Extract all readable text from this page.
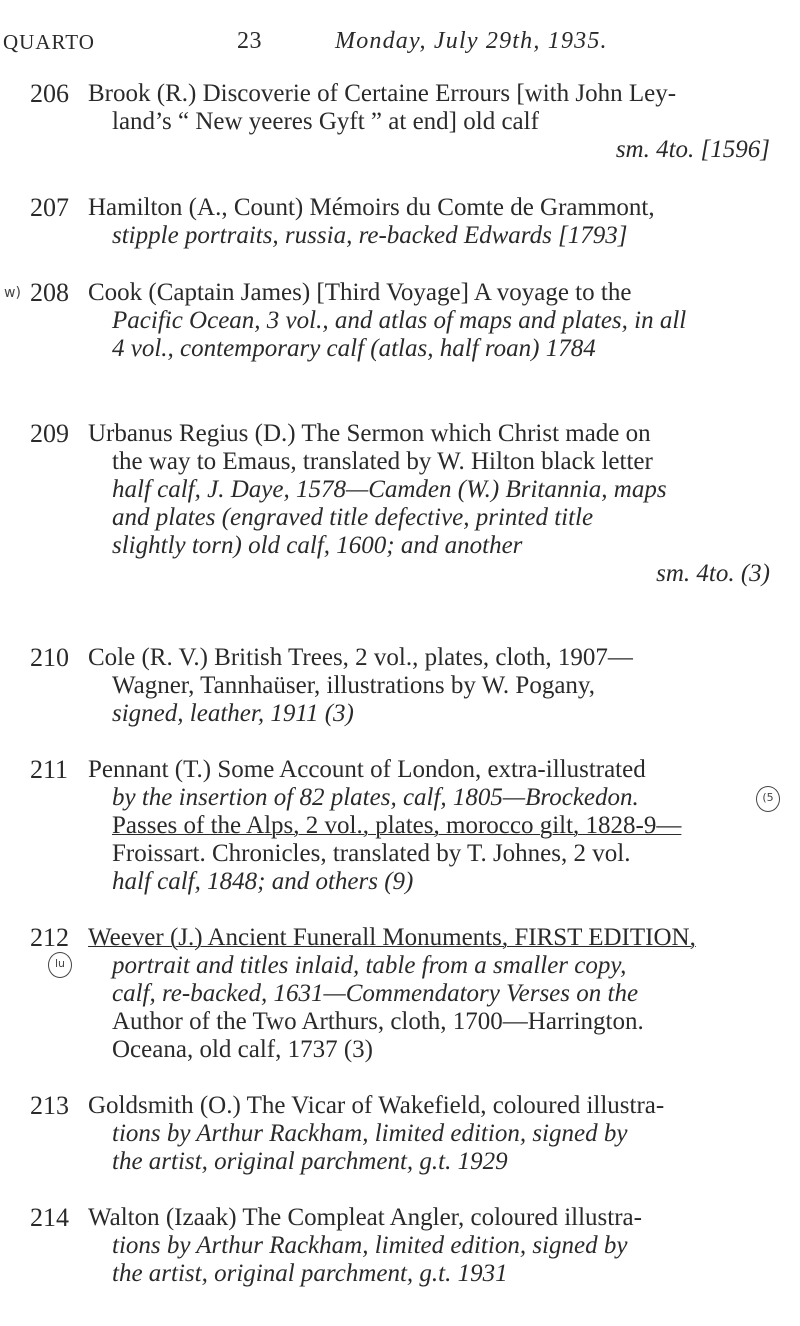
QUARTO	23	Monday, July 29th, 1935.
206 Brook (R.) Discoverie of Certaine Errours [with John Ley-

land’s “ New yeeres Gyft ” at end] old calf

sm. 4to. [1596]

207 Hamilton (A., Count) Mémoirs du Comte de Grammont,

stipple portraits, russia, re-backed Edwards [1793]

w) 208 Cook (Captain James) [Third Voyage] A voyage to the

Pacific Ocean, 3 vol., and atlas of maps and plates, in all

4 vol., contemporary calf (atlas, half roan) 1784

209 Urbanus Regius (D.) The Sermon which Christ made on

the way to Emaus, translated by W. Hilton black letter

half calf, J. Daye, 1578—Camden (W.) Britannia, maps

and plates (engraved title defective, printed title

slightly torn) old calf, 1600; and another

sm. 4to. (3)

210 Cole (R. V.) British Trees, 2 vol., plates, cloth, 1907—

Wagner, Tannhaüser, illustrations by W. Pogany,

signed, leather, 1911 (3)

211 Pennant (T.) Some Account of London, extra-illustrated

by the insertion of 82 plates, calf, 1805—Brockedon.

Passes of the Alps, 2 vol., plates, morocco gilt, 1828-9—

Froissart. Chronicles, translated by T. Johnes, 2 vol.

half calf, 1848; and others (9)

(5
212
lu

Weever (J.) Ancient Funerall Monuments, FIRST EDITION,

portrait and titles inlaid, table from a smaller copy,

calf, re-backed, 1631—Commendatory Verses on the

Author of the Two Arthurs, cloth, 1700—Harrington.

Oceana, old calf, 1737 (3)

213 Goldsmith (O.) The Vicar of Wakefield, coloured illustra-

tions by Arthur Rackham, limited edition, signed by

the artist, original parchment, g.t. 1929

214 Walton (Izaak) The Compleat Angler, coloured illustra-

tions by Arthur Rackham, limited edition, signed by

the artist, original parchment, g.t. 1931
